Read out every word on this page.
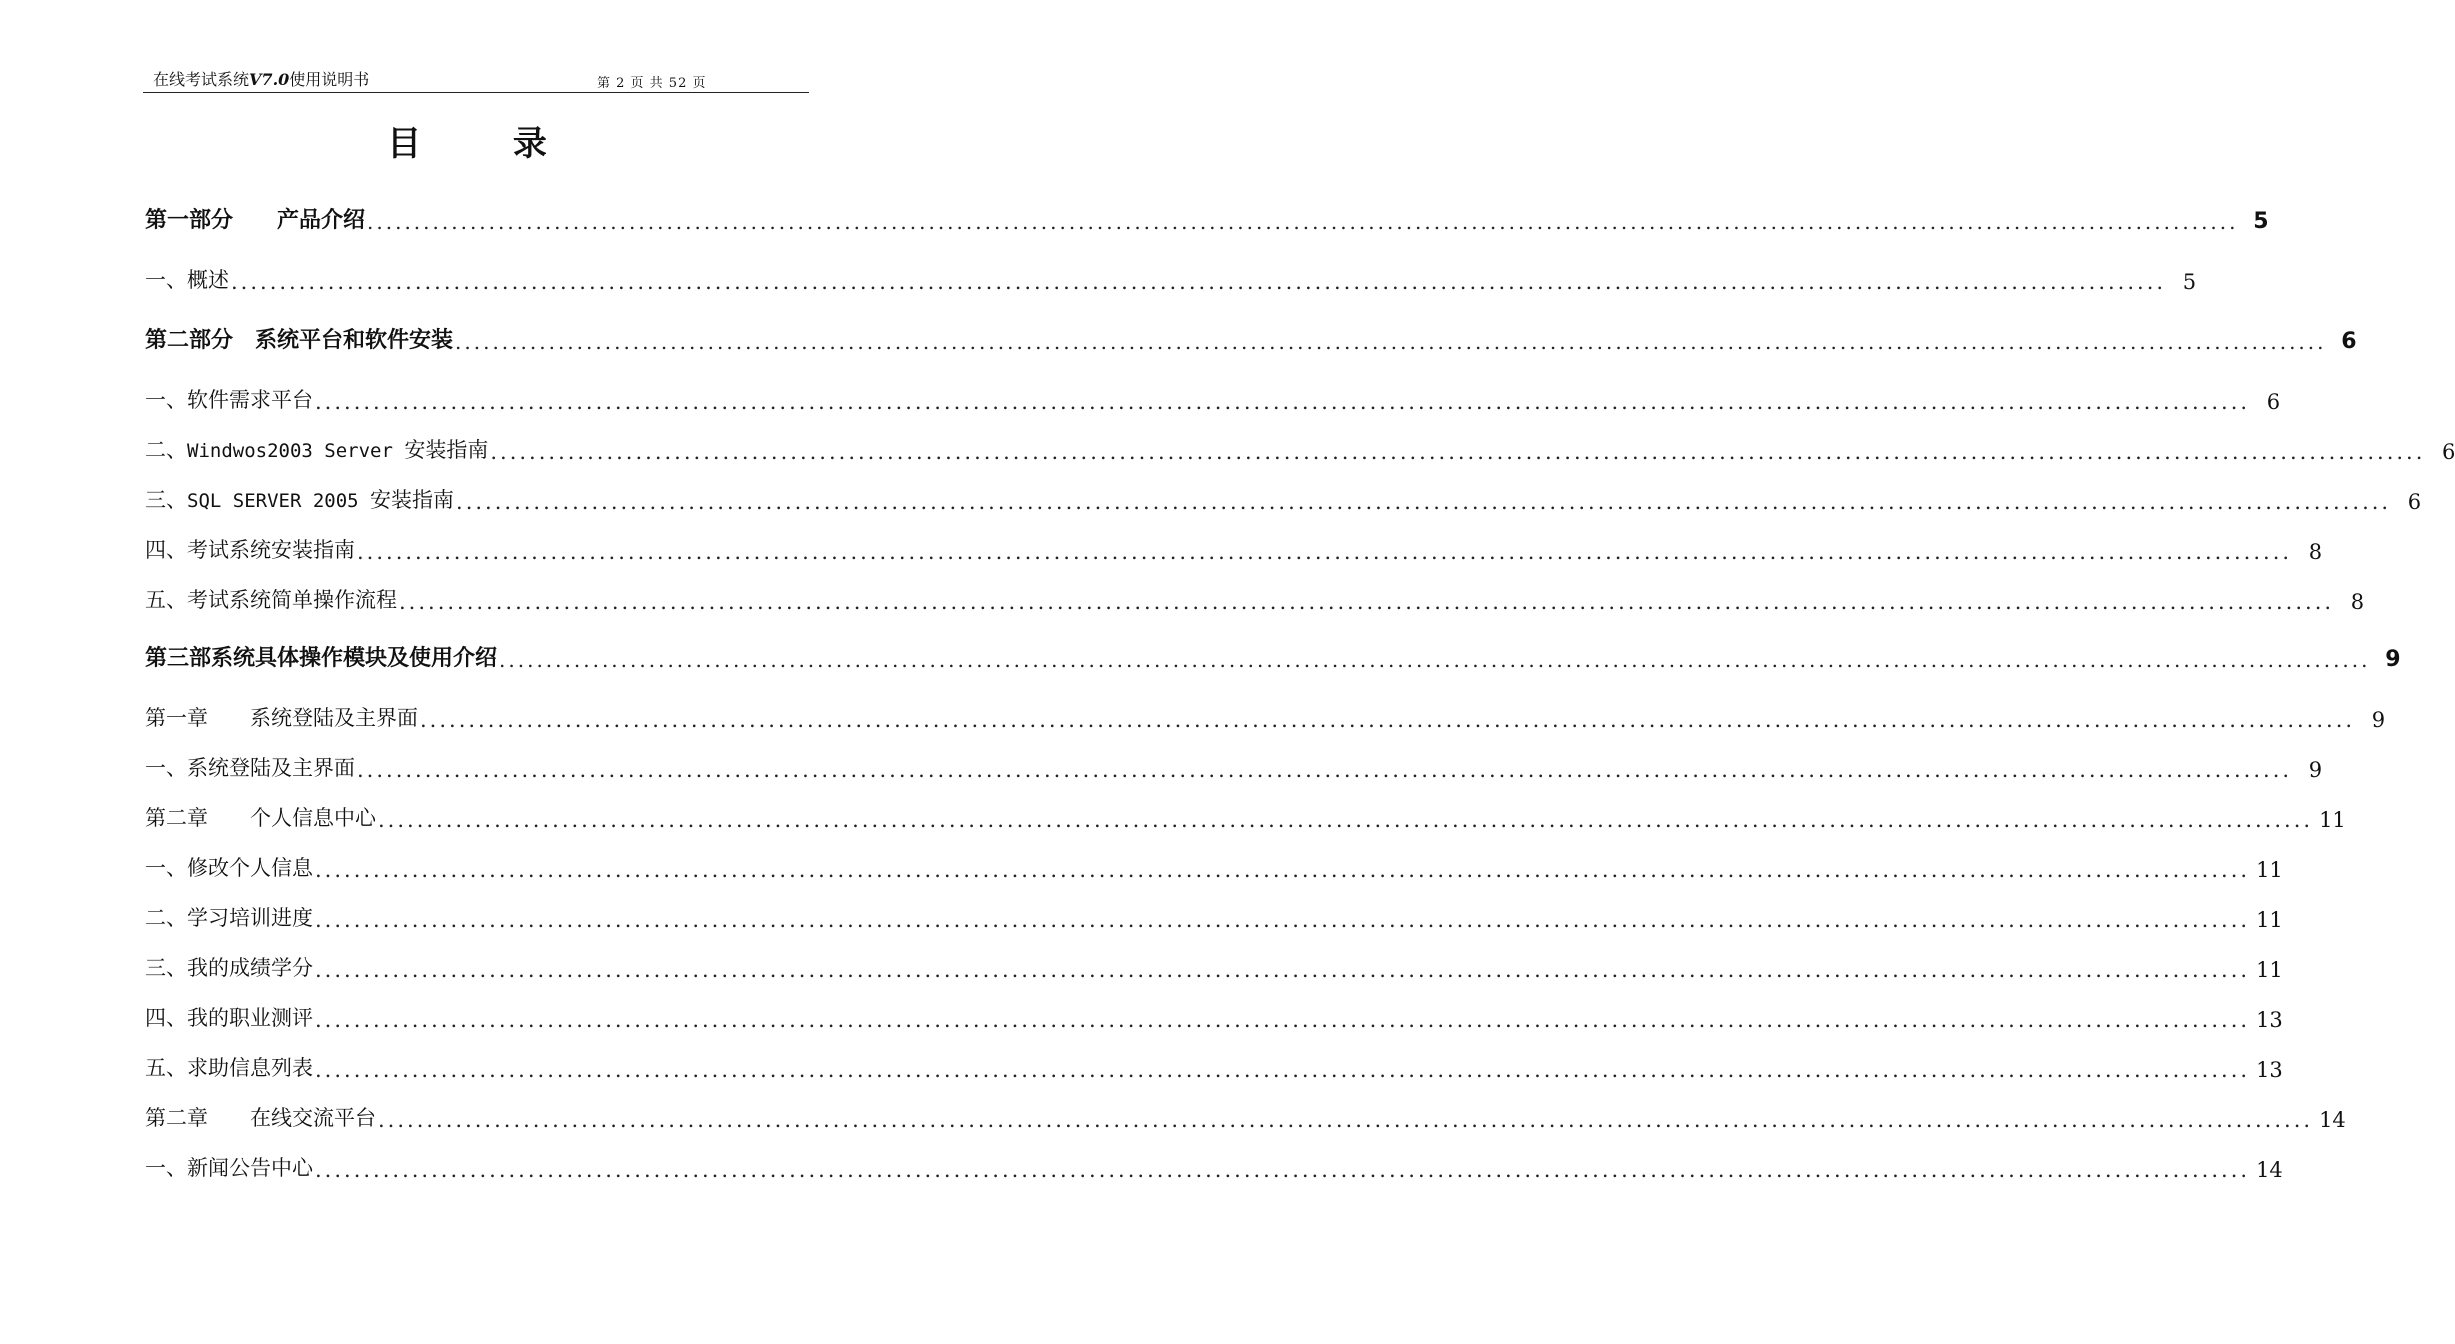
在线考试系统V7.0使用说明书	第 2 页 共 52 页
目 录
第一部分　　产品介绍 ........................................................................................................................................................................................................ 5
一、概述 ........................................................................................................................................................................................................ 5
第二部分　系统平台和软件安装 ........................................................................................................................................................................................................ 6
一、软件需求平台 ........................................................................................................................................................................................................ 6
二、Windwos2003 Server 安装指南 ........................................................................................................................................................................................................ 6
三、SQL SERVER 2005 安装指南 ........................................................................................................................................................................................................ 6
四、考试系统安装指南 ........................................................................................................................................................................................................ 8
五、考试系统简单操作流程 ........................................................................................................................................................................................................ 8
第三部系统具体操作模块及使用介绍 ........................................................................................................................................................................................................ 9
第一章　　系统登陆及主界面 ........................................................................................................................................................................................................ 9
一、系统登陆及主界面 ........................................................................................................................................................................................................ 9
第二章　　个人信息中心 ........................................................................................................................................................................................................ 11
一、修改个人信息 ........................................................................................................................................................................................................ 11
二、学习培训进度 ........................................................................................................................................................................................................ 11
三、我的成绩学分 ........................................................................................................................................................................................................ 11
四、我的职业测评 ........................................................................................................................................................................................................ 13
五、求助信息列表 ........................................................................................................................................................................................................ 13
第二章　　在线交流平台 ........................................................................................................................................................................................................ 14
一、新闻公告中心 ........................................................................................................................................................................................................ 14
